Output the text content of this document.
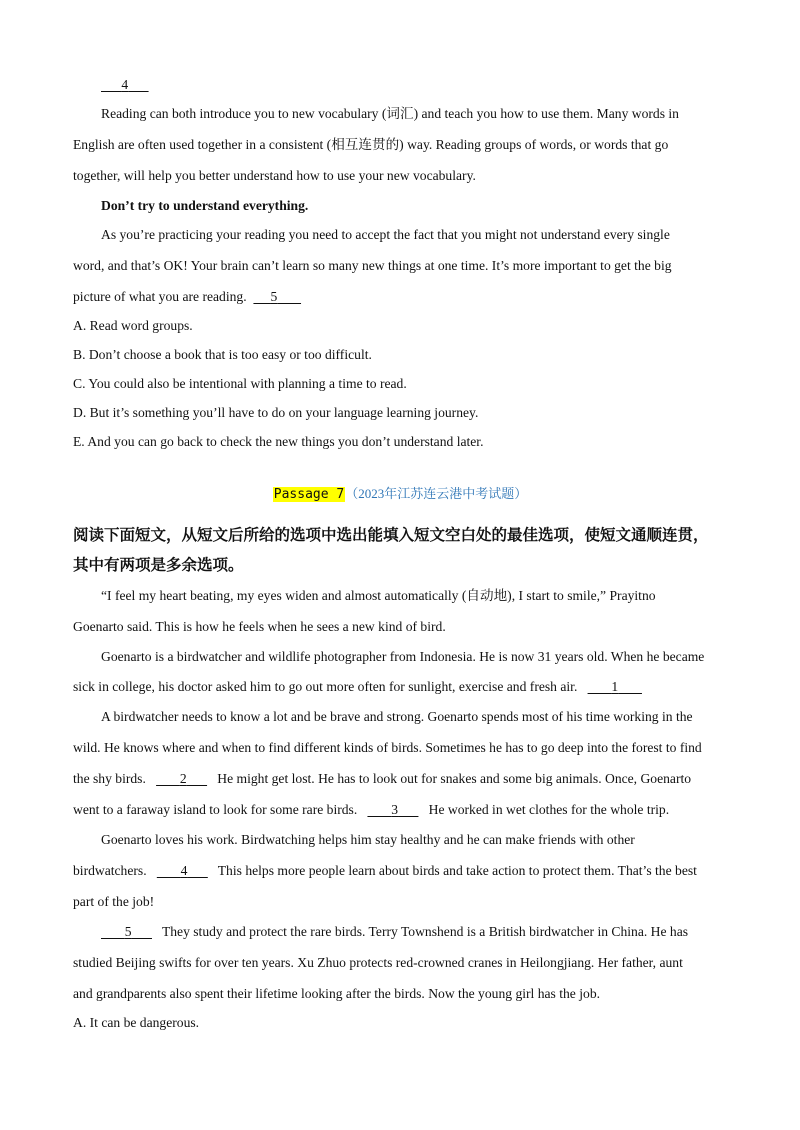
4
Reading can both introduce you to new vocabulary (词汇) and teach you how to use them. Many words in
English are often used together in a consistent (相互连贯的) way. Reading groups of words, or words that go
together, will help you better understand how to use your new vocabulary.
Don’t try to understand everything.
As you’re practicing your reading you need to accept the fact that you might not understand every single
word, and that’s OK! Your brain can’t learn so many new things at one time. It’s more important to get the big
picture of what you are reading. 5
A. Read word groups.
B. Don’t choose a book that is too easy or too difficult.
C. You could also be intentional with planning a time to read.
D. But it’s something you’ll have to do on your language learning journey.
E. And you can go back to check the new things you don’t understand later.
Passage 7（2023年江苏连云港中考试题）
阅读下面短文，从短文后所给的选项中选出能填入短文空白处的最佳选项，使短文通顺连贯，
其中有两项是多余选项。
“I feel my heart beating, my eyes widen and almost automatically (自动地), I start to smile,” Prayitno
Goenarto said. This is how he feels when he sees a new kind of bird.
Goenarto is a birdwatcher and wildlife photographer from Indonesia. He is now 31 years old. When he became
sick in college, his doctor asked him to go out more often for sunlight, exercise and fresh air.	1
A birdwatcher needs to know a lot and be brave and strong. Goenarto spends most of his time working in the
wild. He knows where and when to find different kinds of birds. Sometimes he has to go deep into the forest to find
the shy birds.	2 He might get lost. He has to look out for snakes and some big animals. Once, Goenarto
went to a faraway island to look for some rare birds.	3 He worked in wet clothes for the whole trip.
Goenarto loves his work. Birdwatching helps him stay healthy and he can make friends with other
birdwatchers.	4 This helps more people learn about birds and take action to protect them. That’s the best
part of the job!
5 They study and protect the rare birds. Terry Townshend is a British birdwatcher in China. He has
studied Beijing swifts for over ten years. Xu Zhuo protects red-crowned cranes in Heilongjiang. Her father, aunt
and grandparents also spent their lifetime looking after the birds. Now the young girl has the job.
A. It can be dangerous.
